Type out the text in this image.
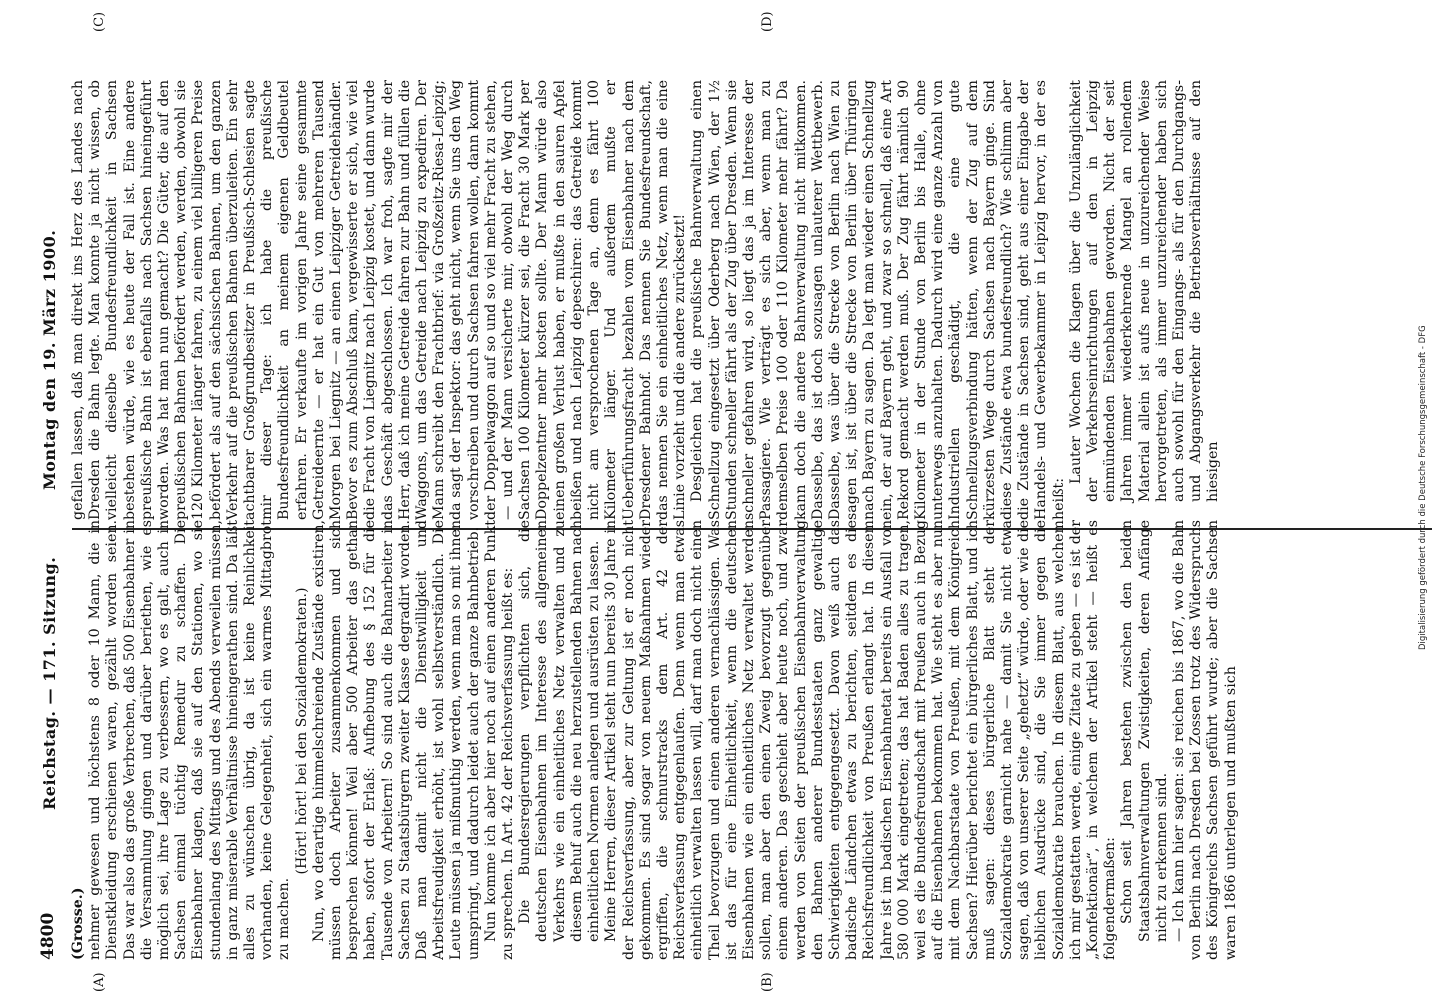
4800
Reichstag. — 171. Sitzung.
Montag den 19. März 1900.
(A)	(B)
(C)	(D)

(Grosse.) nehmer gewesen und höchstens 8 oder 10 Mann, die in Dienstkleidung erschienen waren, gezählt worden seien. Das war also das große Verbrechen, daß 500 Eisenbahner in die Versammlung gingen und darüber beriethen, wie es möglich sei, ihre Lage zu verbessern, wo es galt, auch in Sachsen einmal tüchtig Remedur zu schaffen. Die Eisenbahner klagen, daß sie auf den Stationen, wo sie stundenlang des Mittags und des Abends verweilen müssen, in ganz miserable Verhältnisse hineingerathen sind. Da läßt alles zu wünschen übrig, da ist keine Reinlichkeit vorhanden, keine Gelegenheit, sich ein warmes Mittagbrot zu machen.

(Hört! hört! bei den Sozialdemokraten.) Nun, wo derartige himmelschreiende Zustände existiren, müssen doch Arbeiter zusammenkommen und sich besprechen können! Weil aber 500 Arbeiter das gethan haben, sofort der Erlaß: Aufhebung des § 152 für die Tausende von Arbeitern! So sind auch die Bahnarbeiter in Sachsen zu Staatsbürgern zweiter Klasse degradirt worden. Daß man damit nicht die Dienstwilligkeit und Arbeitsfreudigkeit erhöht, ist wohl selbstverständlich. Die Leute müssen ja mißmuthig werden, wenn man so mit ihnen umspringt, und dadurch leidet auch der ganze Bahnbetrieb. Nun komme ich aber hier noch auf einen anderen Punkt zu sprechen. In Art. 42 der Reichsverfassung heißt es: Die Bundesregierungen verpflichten sich, die deutschen Eisenbahnen im Interesse des allgemeinen Verkehrs wie ein einheitliches Netz verwalten und zu diesem Behuf auch die neu herzustellenden Bahnen nach einheitlichen Normen anlegen und ausrüsten zu lassen. Meine Herren, dieser Artikel steht nun bereits 30 Jahre in der Reichsverfassung, aber zur Geltung ist er noch nicht gekommen. Es sind sogar von neuem Maßnahmen wieder ergriffen, die schnurstracks dem Art. 42 der Reichsverfassung entgegenlaufen. Denn wenn man etwas einheitlich verwalten lassen will, darf man doch nicht einen Theil bevorzugen und einen anderen vernachlässigen. Was ist das für eine Einheitlichkeit, wenn die deutschen Eisenbahnen wie ein einheitliches Netz verwaltet werden sollen, man aber den einen Zweig bevorzugt gegenüber einem anderen. Das geschieht aber heute noch, und zwar werden von Seiten der preußischen Eisenbahnverwaltung den Bahnen anderer Bundesstaaten ganz gewaltige Schwierigkeiten entgegengesetzt. Davon weiß auch das badische Ländchen etwas zu berichten, seitdem es die Reichsfreundlichkeit von Preußen erlangt hat. In diesem Jahre ist im badischen Eisenbahnetat bereits ein Ausfall von 580 000 Mark eingetreten; das hat Baden alles zu tragen, weil es die Bundesfreundschaft mit Preußen auch in Bezug auf die Eisenbahnen bekommen hat. Wie steht es aber nun mit dem Nachbarstaate von Preußen, mit dem Königreich Sachsen? Hierüber berichtet ein bürgerliches Blatt, und ich muß sagen: dieses bürgerliche Blatt steht der Sozialdemokratie garnicht nahe — damit Sie nicht etwa sagen, daß von unserer Seite „gehetzt“ würde, oder wie die lieblichen Ausdrücke sind, die Sie immer gegen die Sozialdemokratie brauchen. In diesem Blatt, aus welchem ich mir gestatten werde, einige Zitate zu geben — es ist der „Konfektionär“, in welchem der Artikel steht — heißt es folgendermaßen: Schon seit Jahren bestehen zwischen den beiden Staatsbahnverwaltungen Zwistigkeiten, deren Anfänge nicht zu erkennen sind. — Ich kann hier sagen: sie reichen bis 1867, wo die Bahn von Berlin nach Dresden bei Zossen trotz des Widerspruchs des Königreichs Sachsen geführt wurde; aber die Sachsen waren 1866 unterlegen und mußten sich

gefallen lassen, daß man direkt ins Herz des Landes nach Dresden die Bahn legte. Man konnte ja nicht wissen, ob vielleicht dieselbe Bundesfreundlichkeit in Sachsen bestehen würde, wie es heute der Fall ist. Eine andere preußische Bahn ist ebenfalls nach Sachsen hineingeführt worden. Was hat man nun gemacht? Die Güter, die auf den preußischen Bahnen befördert werden, werden, obwohl sie 120 Kilometer länger fahren, zu einem viel billigeren Preise befördert als auf den sächsischen Bahnen, um den ganzen Verkehr auf die preußischen Bahnen überzuleiten. Ein sehr achtbarer Großgrundbesitzer in Preußisch-Schlesien sagte mir dieser Tage: ich habe die preußische Bundesfreundlichkeit an meinem eigenen Geldbeutel erfahren. Er verkaufte im vorigen Jahre seine gesammte Getreideernte — er hat ein Gut von mehreren Tausend Morgen bei Liegnitz — an einen Leipziger Getreidehändler. Bevor es zum Abschluß kam, vergewisserte er sich, wie viel die Fracht von Liegnitz nach Leipzig kostet, und dann wurde das Geschäft abgeschlossen. Ich war froh, sagte mir der Herr, daß ich meine Getreide fahren zur Bahn und füllen die Waggons, um das Getreide nach Leipzig zu expediren. Der Mann schreibt den Frachtbrief: via Großzeitz-Riesa-Leipzig; da sagt der Inspektor: das geht nicht, wenn Sie uns den Weg vorschreiben und durch Sachsen fahren wollen, dann kommt der Doppelwaggon auf so und so viel mehr Fracht zu stehen, — und der Mann versicherte mir, obwohl der Weg durch Sachsen 100 Kilometer kürzer sei, die Fracht 30 Mark per Doppelzentner mehr kosten sollte. Der Mann würde also einen großen Verlust haben, er mußte in den sauren Apfel beißen und nach Leipzig depeschiren: das Getreide kommt nicht am versprochenen Tage an, denn es fährt 100 Kilometer länger. Und außerdem mußte er Ueberführungsfracht bezahlen vom Eisenbahner nach dem Dresdener Bahnhof. Das nennen Sie Bundesfreundschaft, das nennen Sie ein einheitliches Netz, wenn man die eine Linie vorzieht und die andere zurücksetzt! Desgleichen hat die preußische Bahnverwaltung einen Schnellzug eingesetzt über Oderberg nach Wien, der 1½ Stunden schneller fährt als der Zug über Dresden. Wenn sie schneller gefahren wird, so liegt das ja im Interesse der Passagiere. Wie verträgt es sich aber, wenn man zu demselben Preise 100 oder 110 Kilometer mehr fährt? Da kann doch die andere Bahnverwaltung nicht mitkommen. Dasselbe, das ist doch sozusagen unlauterer Wettbewerb. Dasselbe, was über die Strecke von Berlin nach Wien zu sagen ist, ist über die Strecke von Berlin über Thüringen nach Bayern zu sagen. Da legt man wieder einen Schnellzug ein, der auf Bayern geht, und zwar so schnell, daß eine Art Rekord gemacht werden muß. Der Zug fährt nämlich 90 Kilometer in der Stunde von Berlin bis Halle, ohne unterwegs anzuhalten. Dadurch wird eine ganze Anzahl von Industriellen geschädigt, die eine gute Schnellzugsverbindung hätten, wenn der Zug auf dem kürzesten Wege durch Sachsen nach Bayern ginge. Sind diese Zustände etwa bundesfreundlich? Wie schlimm aber die Zustände in Sachsen sind, geht aus einer Eingabe der Handels- und Gewerbekammer in Leipzig hervor, in der es heißt:

Lauter Wochen die Klagen über die Unzulänglichkeit der Verkehrseinrichtungen auf den in Leipzig einmündenden Eisenbahnen geworden. Nicht der seit Jahren immer wiederkehrende Mangel an rollendem Material allein ist aufs neue in unzureichender Weise hervorgetreten, als immer unzureichender haben sich auch sowohl für den Eingangs- als für den Durchgangs- und Abgangsverkehr die Betriebsverhältnisse auf den hiesigen	Digitalisierung gefördert durch die Deutsche Forschungsgemeinschaft - DFG
